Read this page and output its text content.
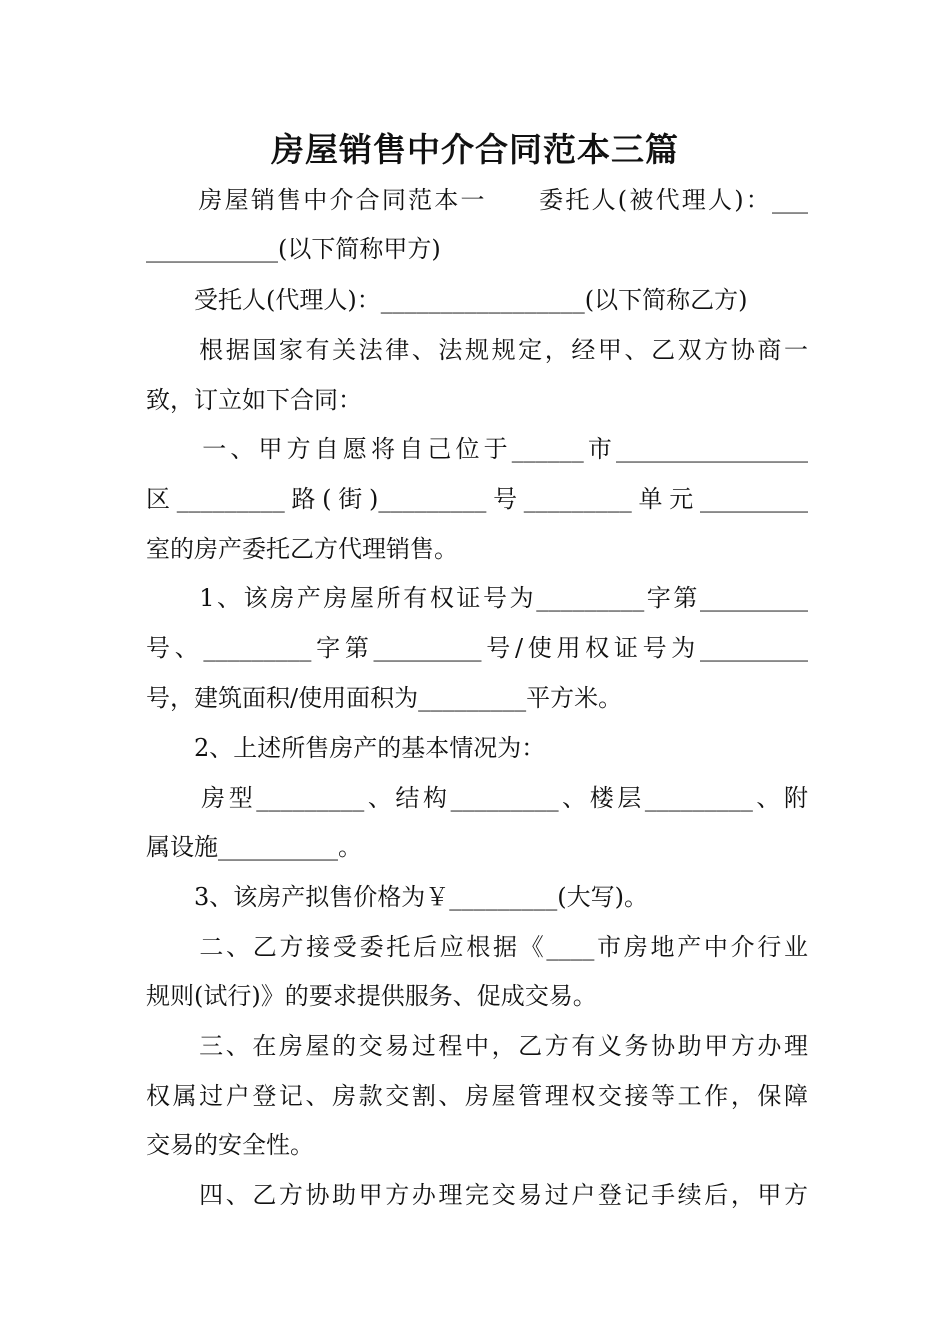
房屋销售中介合同范本三篇
　　房屋销售中介合同范本一　　委托人(被代理人)：___
___________(以下简称甲方)
　　受托人(代理人)：_________________(以下简称乙方)
　　根据国家有关法律、法规规定，经甲、乙双方协商一
致，订立如下合同：
　　一、甲方自愿将自己位于______市________________
区_________路(街)_________号_________单元_________
室的房产委托乙方代理销售。
　　1、该房产房屋所有权证号为_________字第_________
号、_________字第_________号/使用权证号为_________
号，建筑面积/使用面积为_________平方米。
　　2、上述所售房产的基本情况为：
　　房型_________、结构_________、楼层_________、附
属设施__________。
　　3、该房产拟售价格为￥_________(大写)。
　　二、乙方接受委托后应根据《____市房地产中介行业
规则(试行)》的要求提供服务、促成交易。
　　三、在房屋的交易过程中，乙方有义务协助甲方办理
权属过户登记、房款交割、房屋管理权交接等工作，保障
交易的安全性。
　　四、乙方协助甲方办理完交易过户登记手续后，甲方
